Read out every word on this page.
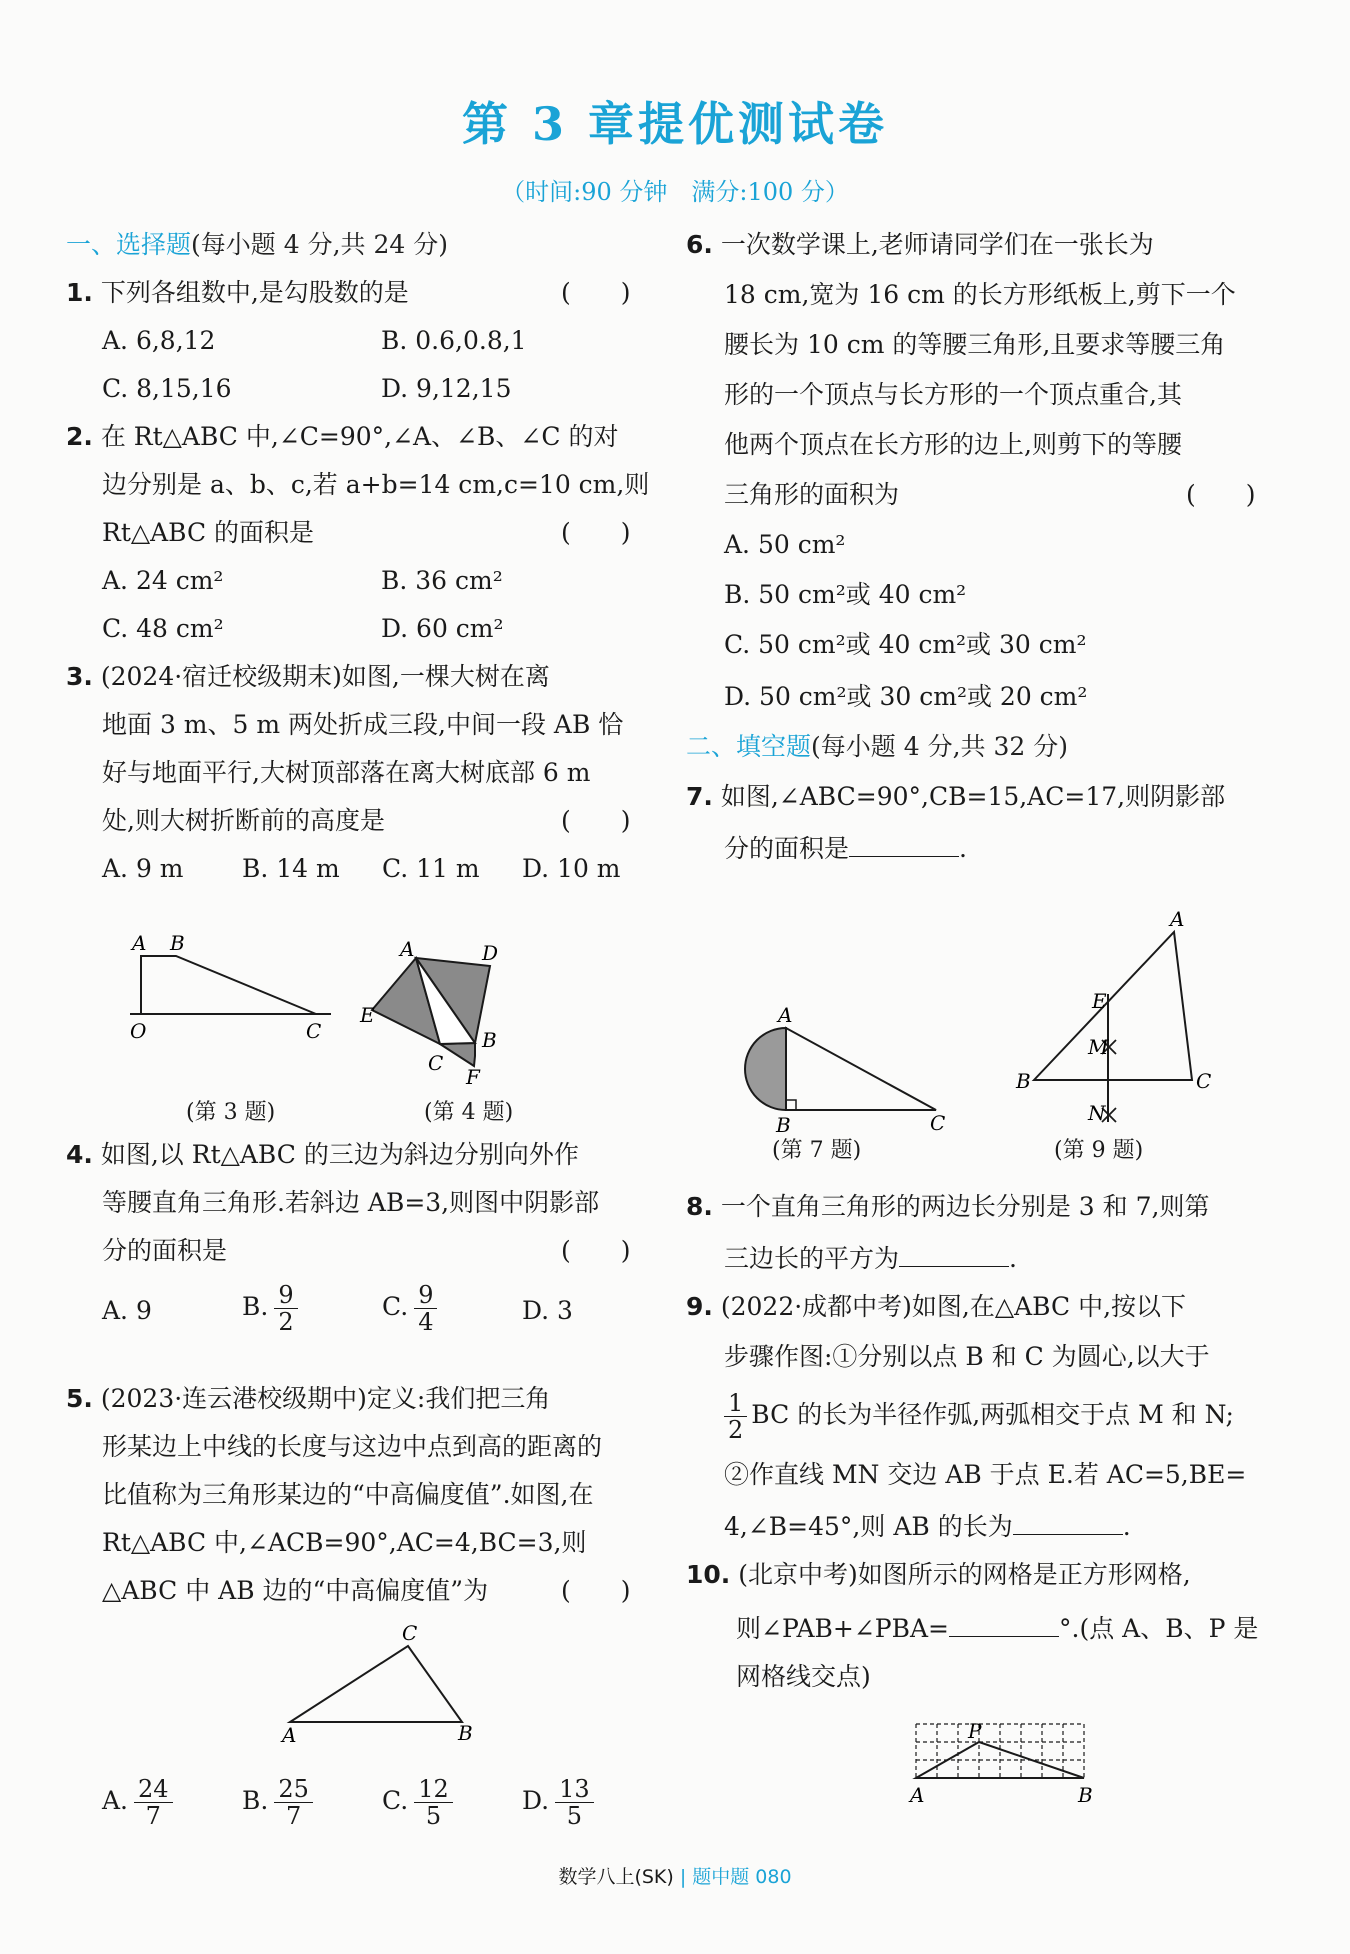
第 3 章提优测试卷
（时间:90 分钟　满分:100 分）
一、选择题(每小题 4 分,共 24 分)
1. 下列各组数中,是勾股数的是	(　　)
A. 6,8,12	B. 0.6,0.8,1
C. 8,15,16	D. 9,12,15
2. 在 Rt△ABC 中,∠C=90°,∠A、∠B、∠C 的对
边分别是 a、b、c,若 a+b=14 cm,c=10 cm,则
Rt△ABC 的面积是	(　　)
A. 24 cm²	B. 36 cm²
C. 48 cm²	D. 60 cm²
3. (2024·宿迁校级期末)如图,一棵大树在离
地面 3 m、5 m 两处折成三段,中间一段 AB 恰
好与地面平行,大树顶部落在离大树底部 6 m
处,则大树折断前的高度是	(　　)
A. 9 m B. 14 m C. 11 m D. 10 m
A B
O	C
(第 3 题)
A	D
B
E
C
F
(第 4 题)
4. 如图,以 Rt△ABC 的三边为斜边分别向外作
等腰直角三角形.若斜边 AB=3,则图中阴影部
分的面积是	(　　)
A. 9	B. $\frac{9}{2}$	C. $\frac{9}{4}$	D. 3
5. (2023·连云港校级期中)定义:我们把三角
形某边上中线的长度与这边中点到高的距离的
比值称为三角形某边的“中高偏度值”.如图,在
Rt△ABC 中,∠ACB=90°,AC=4,BC=3,则
△ABC 中 AB 边的“中高偏度值”为	(　　)
C
A	B
A. $\frac{24}{7}$	B. $\frac{25}{7}$	C. $\frac{12}{5}$	D. $\frac{13}{5}$
6. 一次数学课上,老师请同学们在一张长为
18 cm,宽为 16 cm 的长方形纸板上,剪下一个
腰长为 10 cm 的等腰三角形,且要求等腰三角
形的一个顶点与长方形的一个顶点重合,其
他两个顶点在长方形的边上,则剪下的等腰
三角形的面积为	(　　)
A. 50 cm²
B. 50 cm²或 40 cm²
C. 50 cm²或 40 cm²或 30 cm²
D. 50 cm²或 30 cm²或 20 cm²
二、填空题(每小题 4 分,共 32 分)
7. 如图,∠ABC=90°,CB=15,AC=17,则阴影部
分的面积是	.
A
B	C
(第 7 题)
A
E
M
B	C
N
(第 9 题)
8. 一个直角三角形的两边长分别是 3 和 7,则第
三边长的平方为	.
9. (2022·成都中考)如图,在△ABC 中,按以下
步骤作图:①分别以点 B 和 C 为圆心,以大于
$\frac{1}{2}$ BC 的长为半径作弧,两弧相交于点 M 和 N;
②作直线 MN 交边 AB 于点 E.若 AC=5,BE=
4,∠B=45°,则 AB 的长为	.
10. (北京中考)如图所示的网格是正方形网格,
则∠PAB+∠PBA=	°.(点 A、B、P 是
网格线交点)
P
A	B
数学八上(SK) | 题中题 080
